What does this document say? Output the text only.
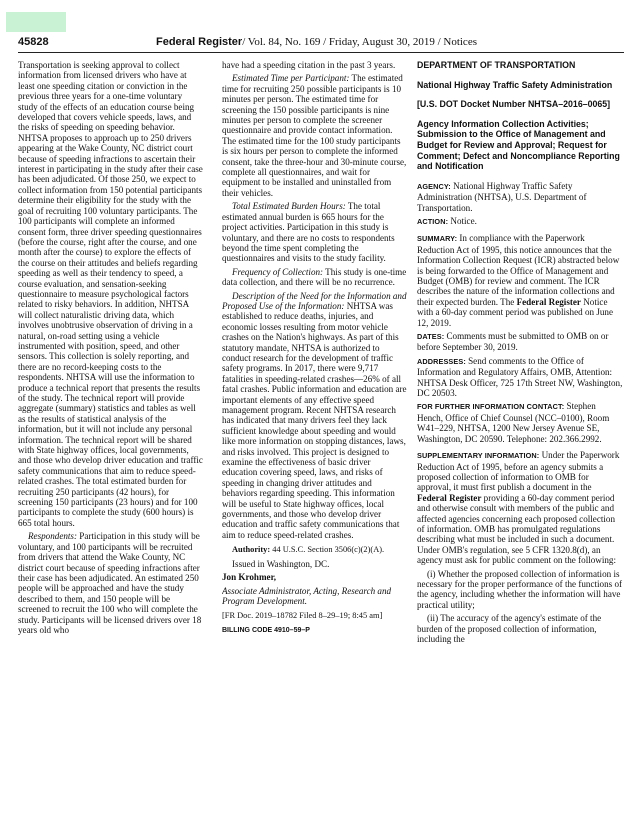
45828	Federal Register/ Vol. 84, No. 169 / Friday, August 30, 2019 / Notices

Transportation is seeking approval to collect information from licensed drivers who have at least one speeding citation or conviction in the previous three years for a one-time voluntary study of the effects of an education course being developed that covers vehicle speeds, laws, and the risks of speeding on speeding behavior. NHTSA proposes to approach up to 250 drivers appearing at the Wake County, NC district court because of speeding infractions to ascertain their interest in participating in the study after their case has been adjudicated. Of those 250, we expect to collect information from 150 potential participants determine their eligibility for the study with the goal of recruiting 100 voluntary participants. The 100 participants will complete an informed consent form, three driver speeding questionnaires (before the course, right after the course, and one month after the course) to explore the effects of the course on their attitudes and beliefs regarding speeding as well as their tendency to speed, a course evaluation, and sensation-seeking questionnaire to measure psychological factors related to risky behaviors. In addition, NHTSA will collect naturalistic driving data, which involves unobtrusive observation of driving in a natural, on-road setting using a vehicle instrumented with position, speed, and other sensors. This collection is solely reporting, and there are no record-keeping costs to the respondents. NHTSA will use the information to produce a technical report that presents the results of the study. The technical report will provide aggregate (summary) statistics and tables as well as the results of statistical analysis of the information, but it will not include any personal information. The technical report will be shared with State highway offices, local governments, and those who develop driver education and traffic safety communications that aim to reduce speed-related crashes. The total estimated burden for recruiting 250 participants (42 hours), for screening 150 participants (23 hours) and for 100 participants to complete the study (600 hours) is 665 total hours.

Respondents: Participation in this study will be voluntary, and 100 participants will be recruited from drivers that attend the Wake County, NC district court because of speeding infractions after their case has been adjudicated. An estimated 250 people will be approached and have the study described to them, and 150 people will be screened to recruit the 100 who will complete the study. Participants will be licensed drivers over 18 years old who

have had a speeding citation in the past 3 years.

Estimated Time per Participant: The estimated time for recruiting 250 possible participants is 10 minutes per person. The estimated time for screening the 150 possible participants is nine minutes per person to complete the screener questionnaire and provide contact information. The estimated time for the 100 study participants is six hours per person to complete the informed consent, take the three-hour and 30-minute course, complete all questionnaires, and wait for equipment to be installed and uninstalled from their vehicles.

Total Estimated Burden Hours: The total estimated annual burden is 665 hours for the project activities. Participation in this study is voluntary, and there are no costs to respondents beyond the time spent completing the questionnaires and visits to the study facility.

Frequency of Collection: This study is one-time data collection, and there will be no recurrence.

Description of the Need for the Information and Proposed Use of the Information: NHTSA was established to reduce deaths, injuries, and economic losses resulting from motor vehicle crashes on the Nation's highways. As part of this statutory mandate, NHTSA is authorized to conduct research for the development of traffic safety programs. In 2017, there were 9,717 fatalities in speeding-related crashes—26% of all fatal crashes. Public information and education are important elements of any effective speed management program. Recent NHTSA research has indicated that many drivers feel they lack sufficient knowledge about speeding and would like more information on stopping distances, laws, and risks involved. This project is designed to examine the effectiveness of basic driver education covering speed, laws, and risks of speeding in changing driver attitudes and behaviors regarding speeding. This information will be useful to State highway offices, local governments, and those who develop driver education and traffic safety communications that aim to reduce speed-related crashes.

Authority: 44 U.S.C. Section 3506(c)(2)(A).

Issued in Washington, DC.

Jon Krohmer,

Associate Administrator, Acting, Research and Program Development.

[FR Doc. 2019–18782 Filed 8–29–19; 8:45 am]

BILLING CODE 4910–59–P

DEPARTMENT OF TRANSPORTATION

National Highway Traffic Safety Administration

[U.S. DOT Docket Number NHTSA–2016–0065]

Agency Information Collection Activities; Submission to the Office of Management and Budget for Review and Approval; Request for Comment; Defect and Noncompliance Reporting and Notification

AGENCY: National Highway Traffic Safety Administration (NHTSA), U.S. Department of Transportation.

ACTION: Notice.

SUMMARY: In compliance with the Paperwork Reduction Act of 1995, this notice announces that the Information Collection Request (ICR) abstracted below is being forwarded to the Office of Management and Budget (OMB) for review and comment. The ICR describes the nature of the information collections and their expected burden. The Federal Register Notice with a 60-day comment period was published on June 12, 2019.

DATES: Comments must be submitted to OMB on or before September 30, 2019.

ADDRESSES: Send comments to the Office of Information and Regulatory Affairs, OMB, Attention: NHTSA Desk Officer, 725 17th Street NW, Washington, DC 20503.

FOR FURTHER INFORMATION CONTACT: Stephen Hench, Office of Chief Counsel (NCC–0100), Room W41–229, NHTSA, 1200 New Jersey Avenue SE, Washington, DC 20590. Telephone: 202.366.2992.

SUPPLEMENTARY INFORMATION: Under the Paperwork Reduction Act of 1995, before an agency submits a proposed collection of information to OMB for approval, it must first publish a document in the Federal Register providing a 60-day comment period and otherwise consult with members of the public and affected agencies concerning each proposed collection of information. OMB has promulgated regulations describing what must be included in such a document. Under OMB's regulation, see 5 CFR 1320.8(d), an agency must ask for public comment on the following:

(i) Whether the proposed collection of information is necessary for the proper performance of the functions of the agency, including whether the information will have practical utility;

(ii) The accuracy of the agency's estimate of the burden of the proposed collection of information, including the
